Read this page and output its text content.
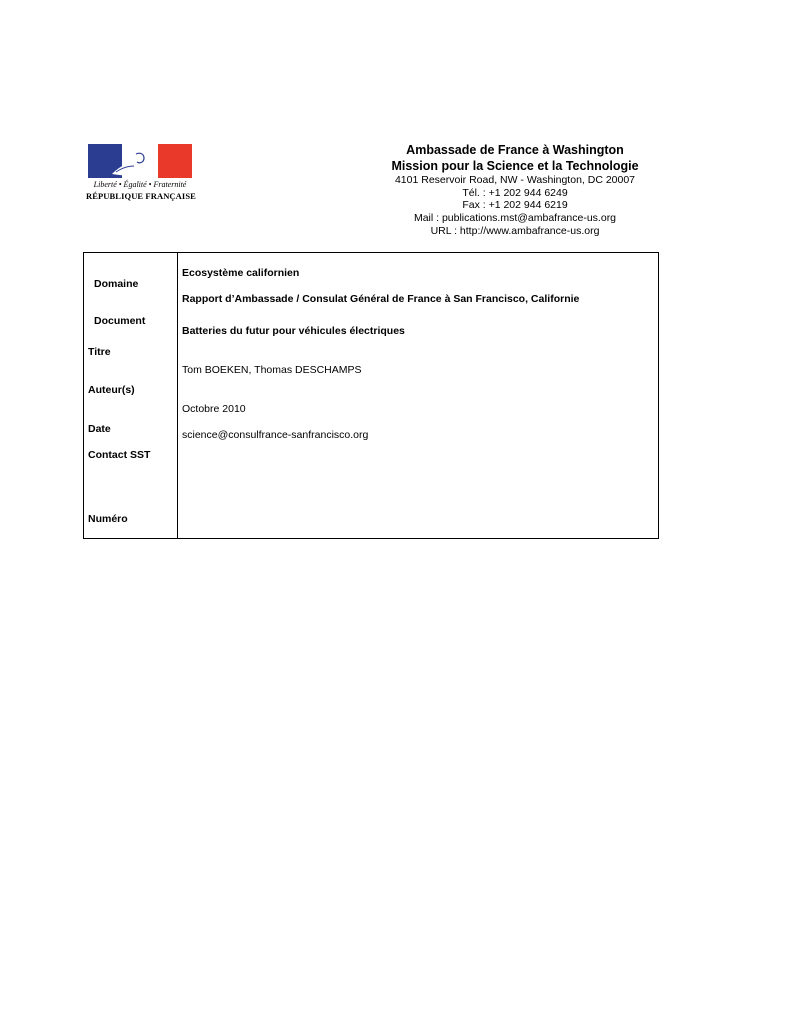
Liberté • Égalité • Fraternité
RÉPUBLIQUE FRANÇAISE
Ambassade de France à Washington
Mission pour la Science et la Technologie
4101 Reservoir Road, NW - Washington, DC 20007
Tél. : +1 202 944 6249
Fax : +1 202 944 6219
Mail : publications.mst@ambafrance-us.org
URL : http://www.ambafrance-us.org
Domaine
Document
Titre
Auteur(s)
Date
Contact SST
Numéro
Ecosystème californien
Rapport d’Ambassade / Consulat Général de France à San Francisco, Californie
Batteries du futur pour véhicules électriques
Tom BOEKEN, Thomas DESCHAMPS
Octobre 2010
science@consulfrance-sanfrancisco.org
